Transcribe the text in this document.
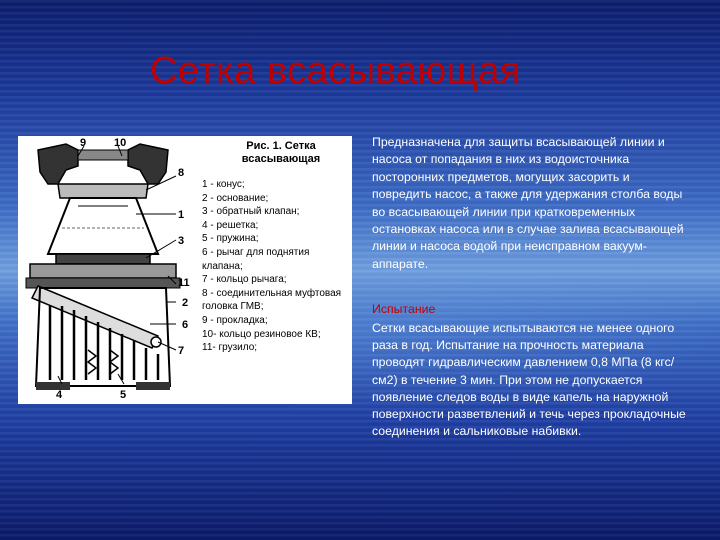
Сетка всасывающая
9	10
8
1
3
11
2
6
7
4	5
Рис. 1. Сетка всасывающая
1 - конус;
2 - основание;
3 - обратный клапан;
4 - решетка;
5 - пружина;
6 - рычаг для поднятия клапана;
7 - кольцо рычага;
8 - соединительная муфтовая головка ГМВ;
9 - прокладка;
10- кольцо резиновое КВ;
11- грузило;
Предназначена для защиты всасывающей линии и насоса от попадания в них из водоисточника посторонних предметов, могущих засорить и повредить насос, а также для удержания столба воды во всасывающей линии при кратковременных остановках насоса или в случае залива всасывающей линии и насоса водой при неисправном вакуум-аппарате.
Испытание
Сетки всасывающие испытываются не менее одного раза в год. Испытание на прочность материала проводят гидравлическим давлением 0,8 МПа (8 кгс/см2) в течение 3 мин. При этом не допускается появление следов воды в виде капель на наружной поверхности разветвлений и течь через прокладочные соединения и сальниковые набивки.
